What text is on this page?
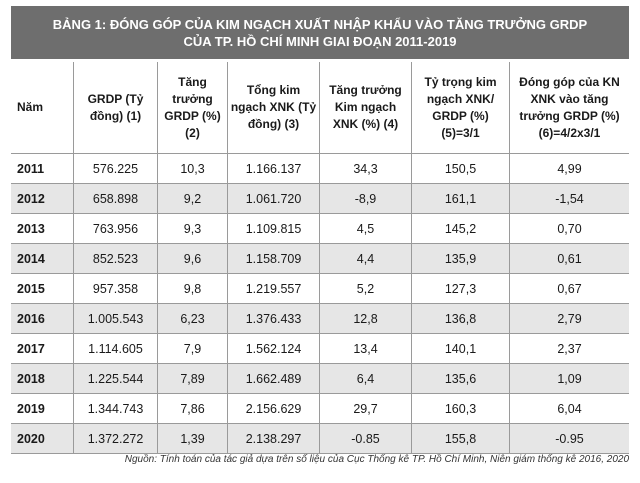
BẢNG 1: ĐÓNG GÓP CỦA KIM NGẠCH XUẤT NHẬP KHẨU VÀO TĂNG TRƯỞNG GRDP
CỦA TP. HỒ CHÍ MINH GIAI ĐOẠN 2011-2019
Năm	GRDP (Tỷ đồng) (1)	Tăng trưởng GRDP (%) (2)	Tổng kim ngạch XNK (Tỷ đồng) (3)	Tăng trưởng Kim ngạch XNK (%) (4)	Tỷ trọng kim ngạch XNK/ GRDP (%) (5)=3/1	Đóng góp của KN XNK vào tăng trưởng GRDP (%) (6)=4/2x3/1
2011	576.225	10,3	1.166.137	34,3	150,5	4,99
2012	658.898	9,2	1.061.720	-8,9	161,1	-1,54
2013	763.956	9,3	1.109.815	4,5	145,2	0,70
2014	852.523	9,6	1.158.709	4,4	135,9	0,61
2015	957.358	9,8	1.219.557	5,2	127,3	0,67
2016	1.005.543	6,23	1.376.433	12,8	136,8	2,79
2017	1.114.605	7,9	1.562.124	13,4	140,1	2,37
2018	1.225.544	7,89	1.662.489	6,4	135,6	1,09
2019	1.344.743	7,86	2.156.629	29,7	160,3	6,04
2020	1.372.272	1,39	2.138.297	-0.85	155,8	-0.95
Nguồn: Tính toán của tác giả dựa trên số liệu của Cục Thống kê TP. Hồ Chí Minh, Niên giám thống kê 2016, 2020
